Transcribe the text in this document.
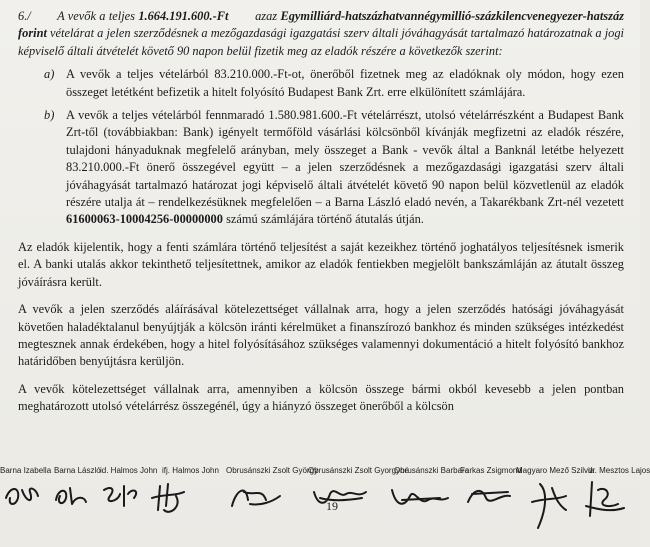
6./ A vevők a teljes 1.664.191.600.-Ft azaz Egymilliárd-hatszázhatvannégymillió-százkilencvenegyezer-hatszáz forint vételárat a jelen szerződésnek a mezőgazdasági igazgatási szerv általi jóváhagyását tartalmazó határozatnak a jogi képviselő általi átvételét követő 90 napon belül fizetik meg az eladók részére a következők szerint:

a) A vevők a teljes vételárból 83.210.000.-Ft-ot, önerőből fizetnek meg az eladóknak oly módon, hogy ezen összeget letétként befizetik a hitelt folyósító Budapest Bank Zrt. erre elkülönített számlájára.

b) A vevők a teljes vételárból fennmaradó 1.580.981.600.-Ft vételárrészt, utolsó vételárrészként a Budapest Bank Zrt-től (továbbiakban: Bank) igényelt termőföld vásárlási kölcsönből kívánják megfizetni az eladók részére, tulajdoni hányaduknak megfelelő arányban, mely összeget a Bank - vevők által a Banknál letétbe helyezett 83.210.000.-Ft önerő összegével együtt – a jelen szerződésnek a mezőgazdasági igazgatási szerv általi jóváhagyását tartalmazó határozat jogi képviselő általi átvételét követő 90 napon belül közvetlenül az eladók részére utalja át – rendelkezésüknek megfelelően – a Barna László eladó nevén, a Takarékbank Zrt-nél vezetett 61600063-10004256-00000000 számú számlájára történő átutalás útján.

Az eladók kijelentik, hogy a fenti számlára történő teljesítést a saját kezeikhez történő joghatályos teljesítésnek ismerik el. A banki utalás akkor tekinthető teljesítettnek, amikor az eladók fentiekben megjelölt bankszámláján az átutalt összeg jóváírásra került.

A vevők a jelen szerződés aláírásával kötelezettséget vállalnak arra, hogy a jelen szerződés hatósági jóváhagyását követően haladéktalanul benyújtják a kölcsön iránti kérelmüket a finanszírozó bankhoz és minden szükséges intézkedést megtesznek annak érdekében, hogy a hitel folyósításához szükséges valamennyi dokumentáció a hitelt folyósító bankhoz határidőben benyújtásra kerüljön.

A vevők kötelezettséget vállalnak arra, amennyiben a kölcsön összege bármi okból kevesebb a jelen pontban meghatározott utolsó vételárrész összegénél, úgy a hiányzó összeget önerőből a kölcsön

Barna Izabella Barna László id. Halmos John ifj. Halmos John Obrusánszki Zsolt György
Obrusánszki Zsolt Gyorgyné
Obrusánszki Barbara
Farkas Zsigmond
Magyaro Mező Szilvia
dr. Mesztos Lajos
19
